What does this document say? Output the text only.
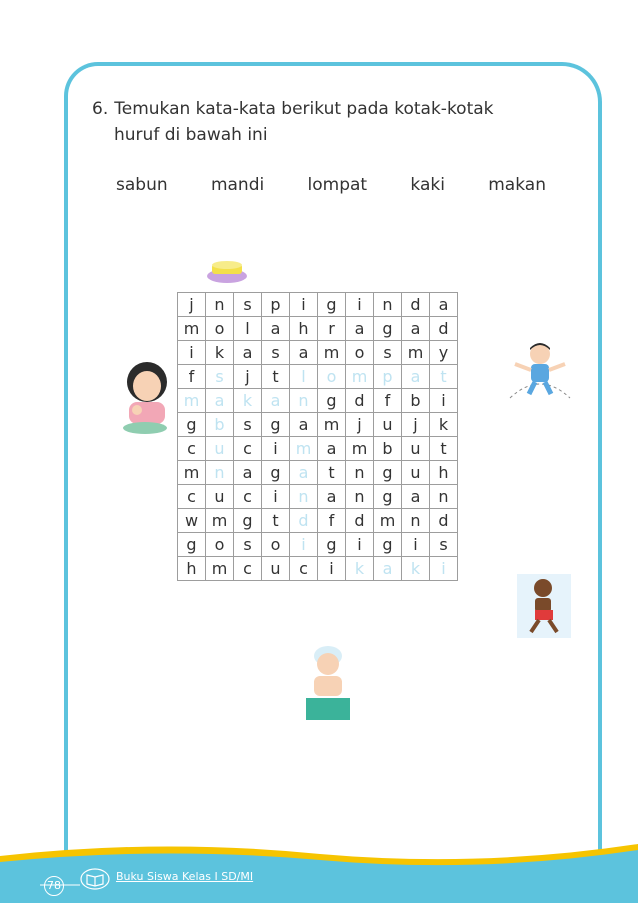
6. Temukan kata-kata berikut pada kotak-kotak
huruf di bawah ini
sabun	mandi	lompat	kaki	makan
j	n	s	p	i	g	i	n	d	a
m	o	l	a	h	r	a	g	a	d
i	k	a	s	a	m	o	s	m	y
f	s	j	t	l	o	m	p	a	t
m	a	k	a	n	g	d	f	b	i
g	b	s	g	a	m	j	u	j	k
c	u	c	i	m	a	m	b	u	t
m	n	a	g	a	t	n	g	u	h
c	u	c	i	n	a	n	g	a	n
w	m	g	t	d	f	d	m	n	d
g	o	s	o	i	g	i	g	i	s
h	m	c	u	c	i	k	a	k	i
78
Buku Siswa Kelas I SD/MI
